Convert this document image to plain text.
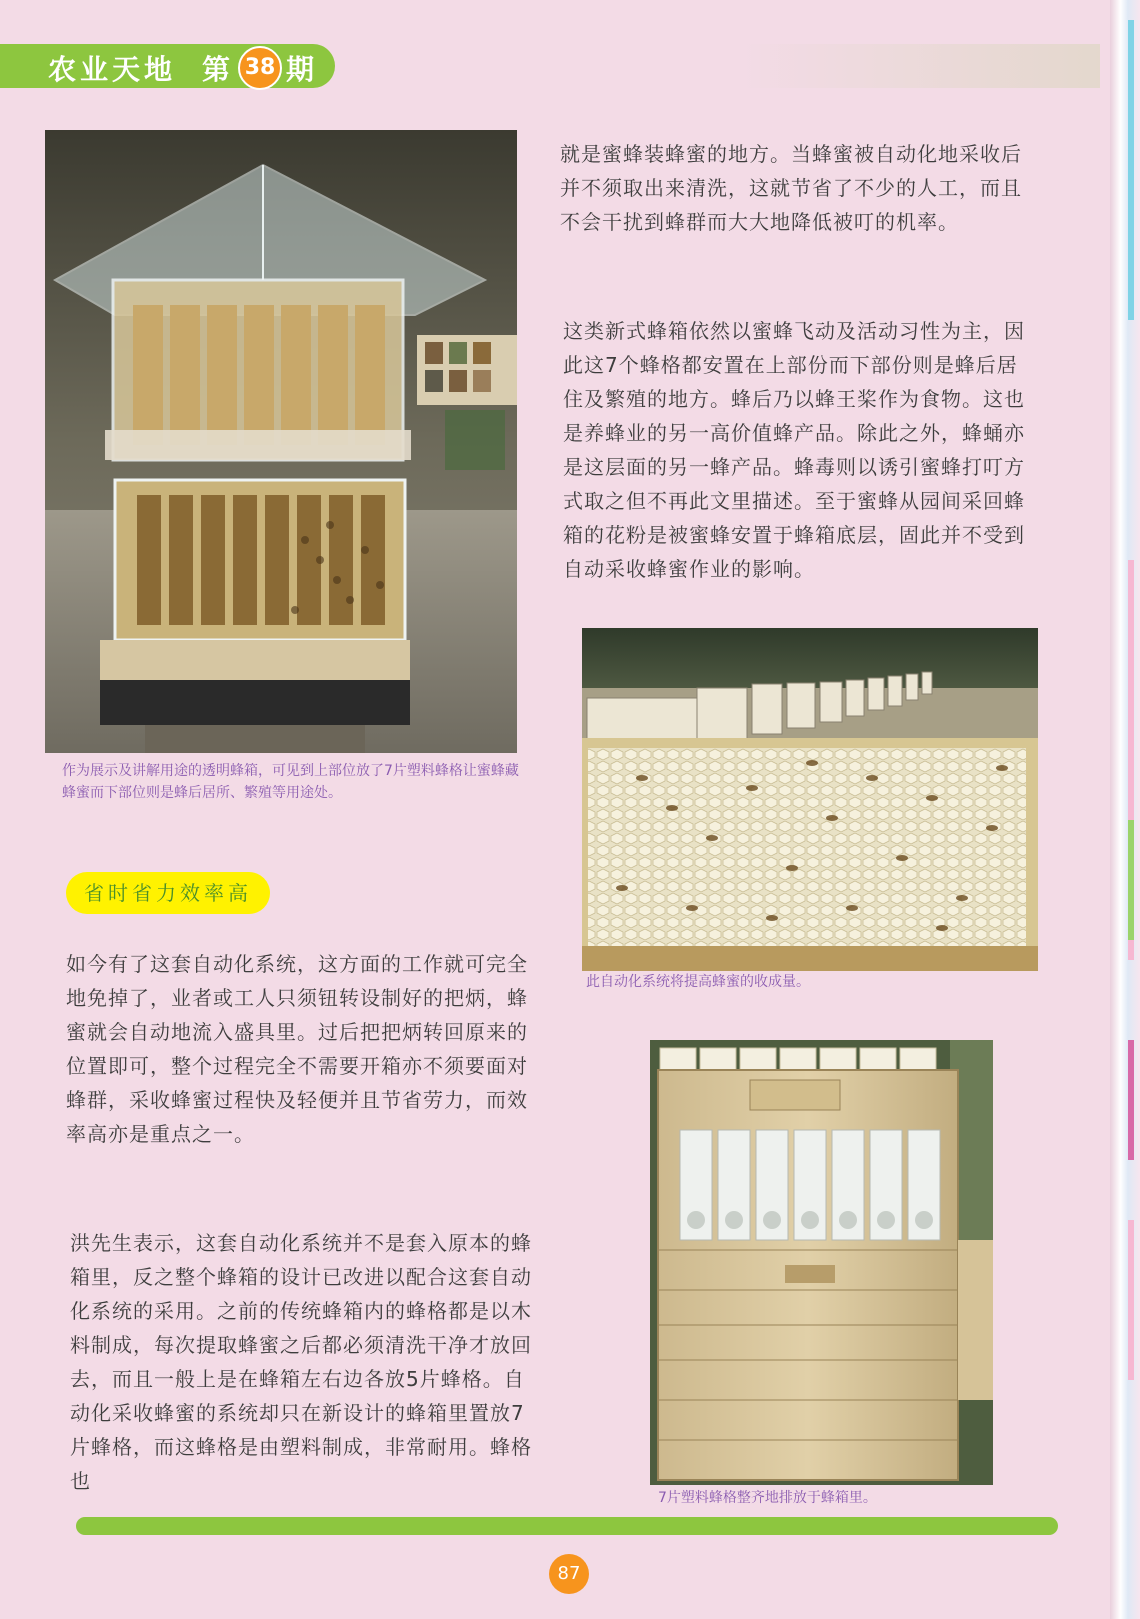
农业天地 第 38 期
作为展示及讲解用途的透明蜂箱，可见到上部位放了7片塑料蜂格让蜜蜂藏蜂蜜而下部位则是蜂后居所、繁殖等用途处。

就是蜜蜂装蜂蜜的地方。当蜂蜜被自动化地采收后并不须取出来清洗，这就节省了不少的人工，而且不会干扰到蜂群而大大地降低被叮的机率。

这类新式蜂箱依然以蜜蜂飞动及活动习性为主，因此这7个蜂格都安置在上部份而下部份则是蜂后居住及繁殖的地方。蜂后乃以蜂王桨作为食物。这也是养蜂业的另一高价值蜂产品。除此之外，蜂蛹亦是这层面的另一蜂产品。蜂毒则以诱引蜜蜂打叮方式取之但不再此文里描述。至于蜜蜂从园间采回蜂箱的花粉是被蜜蜂安置于蜂箱底层，固此并不受到自动采收蜂蜜作业的影响。

此自动化系统将提高蜂蜜的收成量。
省时省力效率高

如今有了这套自动化系统，这方面的工作就可完全地免掉了，业者或工人只须钮转设制好的把炳，蜂蜜就会自动地流入盛具里。过后把把炳转回原来的位置即可，整个过程完全不需要开箱亦不须要面对蜂群，采收蜂蜜过程快及轻便并且节省劳力，而效率高亦是重点之一。

洪先生表示，这套自动化系统并不是套入原本的蜂箱里，反之整个蜂箱的设计已改进以配合这套自动化系统的采用。之前的传统蜂箱内的蜂格都是以木料制成，每次提取蜂蜜之后都必须清洗干净才放回去，而且一般上是在蜂箱左右边各放5片蜂格。自动化采收蜂蜜的系统却只在新设计的蜂箱里置放7片蜂格，而这蜂格是由塑料制成，非常耐用。蜂格也

7片塑料蜂格整齐地排放于蜂箱里。
87
